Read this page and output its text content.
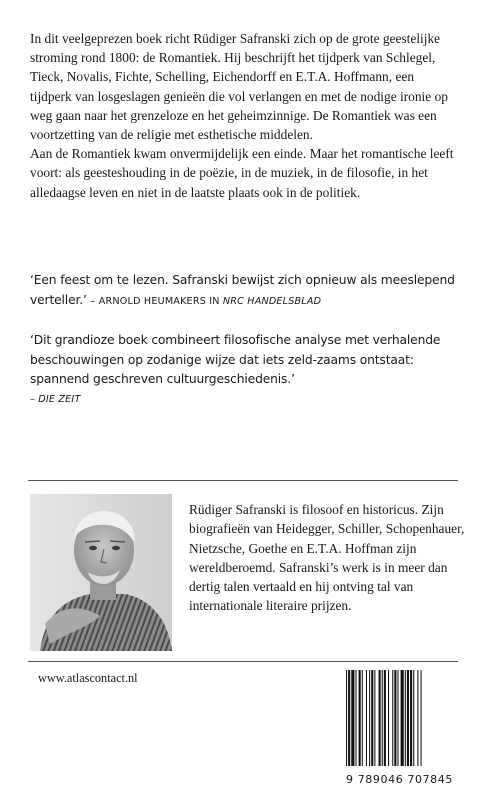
In dit veelgeprezen boek richt Rüdiger Safranski zich op de grote geestelijke stroming rond 1800: de Romantiek. Hij beschrijft het tijdperk van Schlegel, Tieck, Novalis, Fichte, Schelling, Eichendorff en E.T.A. Hoffmann, een tijdperk van losgeslagen genieën die vol verlangen en met de nodige ironie op weg gaan naar het grenzeloze en het geheimzinnige. De Romantiek was een voortzetting van de religie met esthetische middelen.

Aan de Romantiek kwam onvermijdelijk een einde. Maar het romantische leeft voort: als geesteshouding in de poëzie, in de muziek, in de filosofie, in het alledaagse leven en niet in de laatste plaats ook in de politiek.

‘Een feest om te lezen. Safranski bewijst zich opnieuw als meeslepend verteller.’ – ARNOLD HEUMAKERS IN NRC HANDELSBLAD
‘Dit grandioze boek combineert filosofische analyse met verhalende beschouwingen op zodanige wijze dat iets zeld-zaams ontstaat: spannend geschreven cultuurgeschiedenis.’
– DIE ZEIT
Rüdiger Safranski is filosoof en historicus. Zijn biografieën van Heidegger, Schiller, Schopenhauer, Nietzsche, Goethe en E.T.A. Hoffman zijn wereldberoemd. Safranski’s werk is in meer dan dertig talen vertaald en hij ontving tal van internationale literaire prijzen.
www.atlascontact.nl
9 789046 707845
